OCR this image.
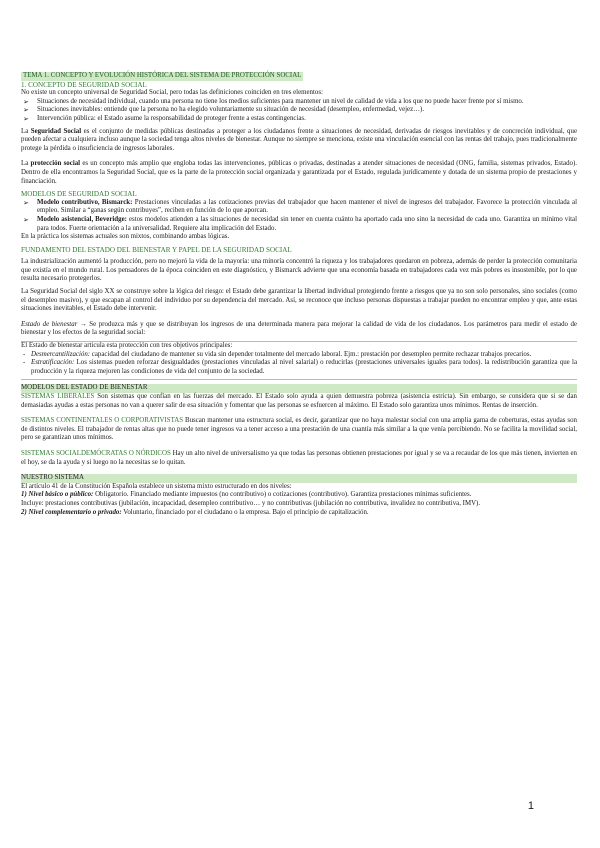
TEMA 1. CONCEPTO Y EVOLUCIÓN HISTÓRICA DEL SISTEMA DE PROTECCIÓN SOCIAL

1. CONCEPTO DE SEGURIDAD SOCIAL

No existe un concepto universal de Seguridad Social, pero todas las definiciones coinciden en tres elementos:

➢ Situaciones de necesidad individual, cuando una persona no tiene los medios suficientes para mantener un nivel de calidad de vida a los que no puede hacer frente por sí mismo.
➢ Situaciones inevitables: entiende que la persona no ha elegido voluntariamente su situación de necesidad (desempleo, enfermedad, vejez…).
➢ Intervención pública: el Estado asume la responsabilidad de proteger frente a estas contingencias.

La Seguridad Social es el conjunto de medidas públicas destinadas a proteger a los ciudadanos frente a situaciones de necesidad, derivadas de riesgos inevitables y de concreción individual, que pueden afectar a cualquiera incluso aunque la sociedad tenga altos niveles de bienestar. Aunque no siempre se menciona, existe una vinculación esencial con las rentas del trabajo, pues tradicionalmente protege la pérdida o insuficiencia de ingresos laborales.

La protección social es un concepto más amplio que engloba todas las intervenciones, públicas o privadas, destinadas a atender situaciones de necesidad (ONG, familia, sistemas privados, Estado). Dentro de ella encontramos la Seguridad Social, que es la parte de la protección social organizada y garantizada por el Estado, regulada jurídicamente y dotada de un sistema propio de prestaciones y financiación.

MODELOS DE SEGURIDAD SOCIAL

➢ Modelo contributivo, Bismarck: Prestaciones vinculadas a las cotizaciones previas del trabajador que hacen mantener el nivel de ingresos del trabajador. Favorece la protección vinculada al empleo. Similar a “ganas según contribuyes”, reciben en función de lo que aporcan.
➢ Modelo asistencial, Beveridge: estos modelos atienden a las situaciones de necesidad sin tener en cuenta cuánto ha aportado cada uno sino la necesidad de cada uno. Garantiza un mínimo vital para todos. Fuerte orientación a la universalidad. Requiere alta implicación del Estado.

En la práctica los sistemas actuales son mixtos, combinando ambas lógicas.

FUNDAMENTO DEL ESTADO DEL BIENESTAR Y PAPEL DE LA SEGURIDAD SOCIAL

La industrialización aumentó la producción, pero no mejoró la vida de la mayoría: una minoría concentró la riqueza y los trabajadores quedaron en pobreza, además de perder la protección comunitaria que existía en el mundo rural. Los pensadores de la época coinciden en este diagnóstico, y Bismarck advierte que una economía basada en trabajadores cada vez más pobres es insostenible, por lo que resulta necesario protegerlos.

La Seguridad Social del siglo XX se construye sobre la lógica del riesgo: el Estado debe garantizar la libertad individual protegiendo frente a riesgos que ya no son solo personales, sino sociales (como el desempleo masivo), y que escapan al control del individuo por su dependencia del mercado. Así, se reconoce que incluso personas dispuestas a trabajar pueden no encontrar empleo y que, ante estas situaciones inevitables, el Estado debe intervenir.

Estado de bienestar → Se produzca más y que se distribuyan los ingresos de una determinada manera para mejorar la calidad de vida de los ciudadanos. Los parámetros para medir el estado de bienestar y los efectos de la seguridad social:

El Estado de bienestar articula esta protección con tres objetivos principales:

- Desmercantilización: capacidad del ciudadano de mantener su vida sin depender totalmente del mercado laboral. Ejm.: prestación por desempleo permite rechazar trabajos precarios.
- Estratificación: Los sistemas pueden reforzar desigualdades (prestaciones vinculadas al nivel salarial) o reducirlas (prestaciones universales iguales para todos). la redistribución garantiza que la producción y la riqueza mejoren las condiciones de vida del conjunto de la sociedad.

MODELOS DEL ESTADO DE BIENESTAR

SISTEMAS LIBERALES Son sistemas que confían en las fuerzas del mercado. El Estado solo ayuda a quien demuestra pobreza (asistencia estricta). Sin embargo, se considera que si se dan demasiadas ayudas a estas personas no van a querer salir de esa situación y fomentar que las personas se esfuercen al máximo. El Estado solo garantiza unos mínimos. Rentas de inserción.

SISTEMAS CONTINENTALES O CORPORATIVISTAS Buscan mantener una estructura social, es decir, garantizar que no haya malestar social con una amplia gama de coberturas, estas ayudas son de distintos niveles. El trabajador de rentas altas que no puede tener ingresos va a tener acceso a una prestación de una cuantía más similar a la que venía percibiendo. No se facilita la movilidad social, pero se garantizan unos mínimos.

SISTEMAS SOCIALDEMÓCRATAS O NÓRDICOS Hay un alto nivel de universalismo ya que todas las personas obtienen prestaciones por igual y se va a recaudar de los que más tienen, invierten en el hoy, se da la ayuda y si luego no la necesitas se lo quitan.

NUESTRO SISTEMA

El artículo 41 de la Constitución Española establece un sistema mixto estructurado en dos niveles:

1) Nivel básico o público: Obligatorio. Financiado mediante impuestos (no contributivo) o cotizaciones (contributivo). Garantiza prestaciones mínimas suficientes.

Incluye: prestaciones contributivas (jubilación, incapacidad, desempleo contributivo… y no contributivas (jubilación no contributiva, invalidez no contributiva, IMV).

2) Nivel complementario o privado: Voluntario, financiado por el ciudadano o la empresa. Bajo el principio de capitalización.

1
